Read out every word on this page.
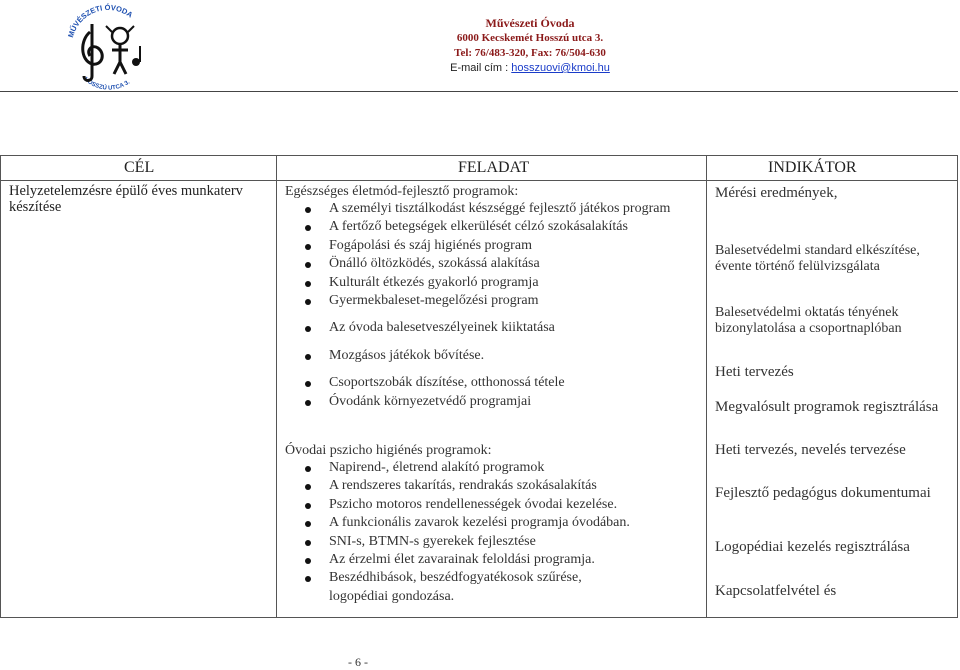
MŰVÉSZETI ÓVODA
HOSSZÚ UTCA 3.
Művészeti Óvoda
6000 Kecskemét Hosszú utca 3.
Tel: 76/483-320, Fax: 76/504-630
E-mail cím : hosszuovi@kmoi.hu
CÉL	FELADAT	INDIKÁTOR
Helyzetelemzésre épülő éves munkaterv készítése
Egészséges életmód-fejlesztő programok:
A személyi tisztálkodást készséggé fejlesztő játékos program
A fertőző betegségek elkerülését célzó szokásalakítás
Fogápolási és száj higiénés program
Önálló öltözködés, szokássá alakítása
Kulturált étkezés gyakorló programja
Gyermekbaleset-megelőzési program
Az óvoda balesetveszélyeinek kiiktatása
Mozgásos játékok bővítése.
Csoportszobák díszítése, otthonossá tétele
Óvodánk környezetvédő programjai
Óvodai pszicho higiénés programok:
Napirend-, életrend alakító programok
A rendszeres takarítás, rendrakás szokásalakítás
Pszicho motoros rendellenességek óvodai kezelése.
A funkcionális zavarok kezelési programja óvodában.
SNI-s, BTMN-s gyerekek fejlesztése
Az érzelmi élet zavarainak feloldási programja.
Beszédhibások, beszédfogyatékosok szűrése, logopédiai gondozása.
Mérési eredmények,
Balesetvédelmi standard elkészítése, évente történő felülvizsgálata
Balesetvédelmi oktatás tényének bizonylatolása a csoportnaplóban
Heti tervezés
Megvalósult programok regisztrálása
Heti tervezés, nevelés tervezése
Fejlesztő pedagógus dokumentumai
Logopédiai kezelés regisztrálása
Kapcsolatfelvétel és
- 6 -
